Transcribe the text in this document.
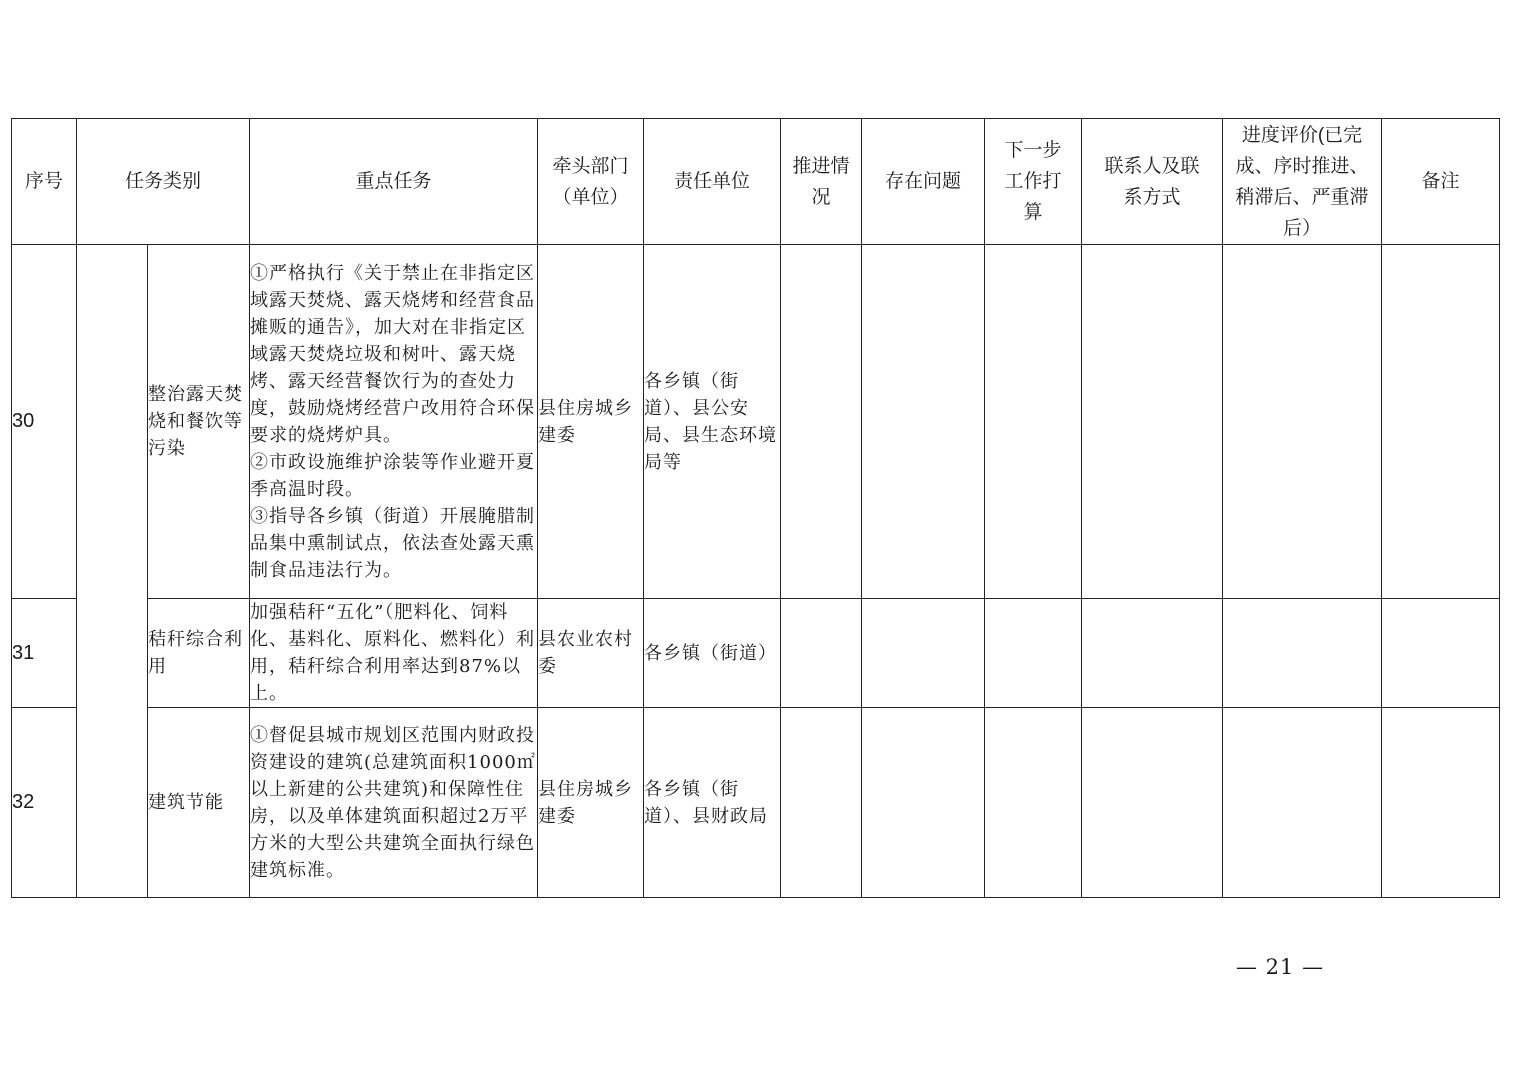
序号	任务类别		重点任务	牵头部门（单位）	责任单位	推进情况	存在问题	下一步工作打算	联系人及联系方式	进度评价(已完成、序时推进、稍滞后、严重滞后）	备注
30		整治露天焚烧和餐饮等污染	①严格执行《关于禁止在非指定区域露天焚烧、露天烧烤和经营食品摊贩的通告》，加大对在非指定区域露天焚烧垃圾和树叶、露天烧烤、露天经营餐饮行为的查处力度，鼓励烧烤经营户改用符合环保要求的烧烤炉具。
②市政设施维护涂装等作业避开夏季高温时段。
③指导各乡镇（街道）开展腌腊制品集中熏制试点，依法查处露天熏制食品违法行为。	县住房城乡建委	各乡镇（街道）、县公安局、县生态环境局等						
31		秸秆综合利用	加强秸秆“五化”（肥料化、饲料化、基料化、原料化、燃料化）利用，秸秆综合利用率达到87%以上。	县农业农村委	各乡镇（街道）						
32		建筑节能	①督促县城市规划区范围内财政投资建设的建筑(总建筑面积1000㎡以上新建的公共建筑)和保障性住房，以及单体建筑面积超过2万平方米的大型公共建筑全面执行绿色建筑标准。	县住房城乡建委	各乡镇（街道）、县财政局						
— 21 —
